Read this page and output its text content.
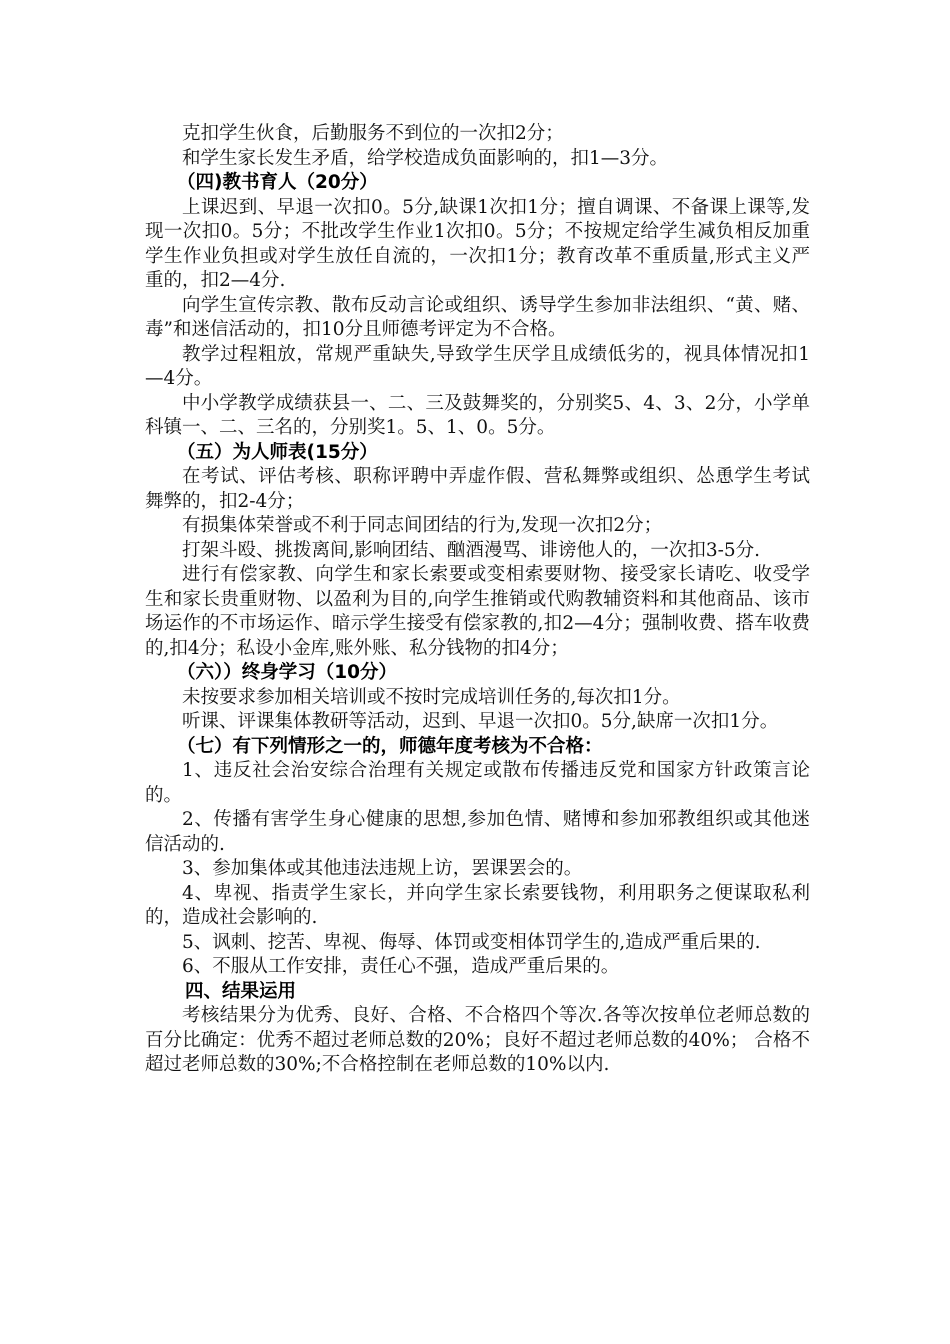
克扣学生伙食，后勤服务不到位的一次扣2分；

和学生家长发生矛盾，给学校造成负面影响的，扣1—3分。

（四)教书育人（20分）

上课迟到、早退一次扣0。5分,缺课1次扣1分；擅自调课、不备课上课等,发现一次扣0。5分；不批改学生作业1次扣0。5分；不按规定给学生减负相反加重学生作业负担或对学生放任自流的，一次扣1分；教育改革不重质量,形式主义严重的，扣2—4分.

向学生宣传宗教、散布反动言论或组织、诱导学生参加非法组织、“黄、赌、毒”和迷信活动的，扣10分且师德考评定为不合格。

教学过程粗放，常规严重缺失,导致学生厌学且成绩低劣的，视具体情况扣1—4分。

中小学教学成绩获县一、二、三及鼓舞奖的，分别奖5、4、3、2分，小学单科镇一、二、三名的，分别奖1。5、1、0。5分。

（五）为人师表(15分）

在考试、评估考核、职称评聘中弄虚作假、营私舞弊或组织、怂恿学生考试舞弊的，扣2-4分；

有损集体荣誉或不利于同志间团结的行为,发现一次扣2分；

打架斗殴、挑拨离间,影响团结、酗酒漫骂、诽谤他人的，一次扣3-5分.

进行有偿家教、向学生和家长索要或变相索要财物、接受家长请吃、收受学生和家长贵重财物、以盈利为目的,向学生推销或代购教辅资料和其他商品、该市场运作的不市场运作、暗示学生接受有偿家教的,扣2—4分；强制收费、搭车收费的,扣4分；私设小金库,账外账、私分钱物的扣4分；

（六））终身学习（10分）

未按要求参加相关培训或不按时完成培训任务的,每次扣1分。

听课、评课集体教研等活动，迟到、早退一次扣0。5分,缺席一次扣1分。

（七）有下列情形之一的，师德年度考核为不合格：

1、违反社会治安综合治理有关规定或散布传播违反党和国家方针政策言论的。

2、传播有害学生身心健康的思想,参加色情、赌博和参加邪教组织或其他迷信活动的.

3、参加集体或其他违法违规上访，罢课罢会的。

4、卑视、指责学生家长，并向学生家长索要钱物，利用职务之便谋取私利的，造成社会影响的.

5、讽刺、挖苦、卑视、侮辱、体罚或变相体罚学生的,造成严重后果的.

6、不服从工作安排，责任心不强，造成严重后果的。

四、结果运用

考核结果分为优秀、良好、合格、不合格四个等次.各等次按单位老师总数的百分比确定：优秀不超过老师总数的20%；良好不超过老师总数的40%； 合格不超过老师总数的30%;不合格控制在老师总数的10%以内.
